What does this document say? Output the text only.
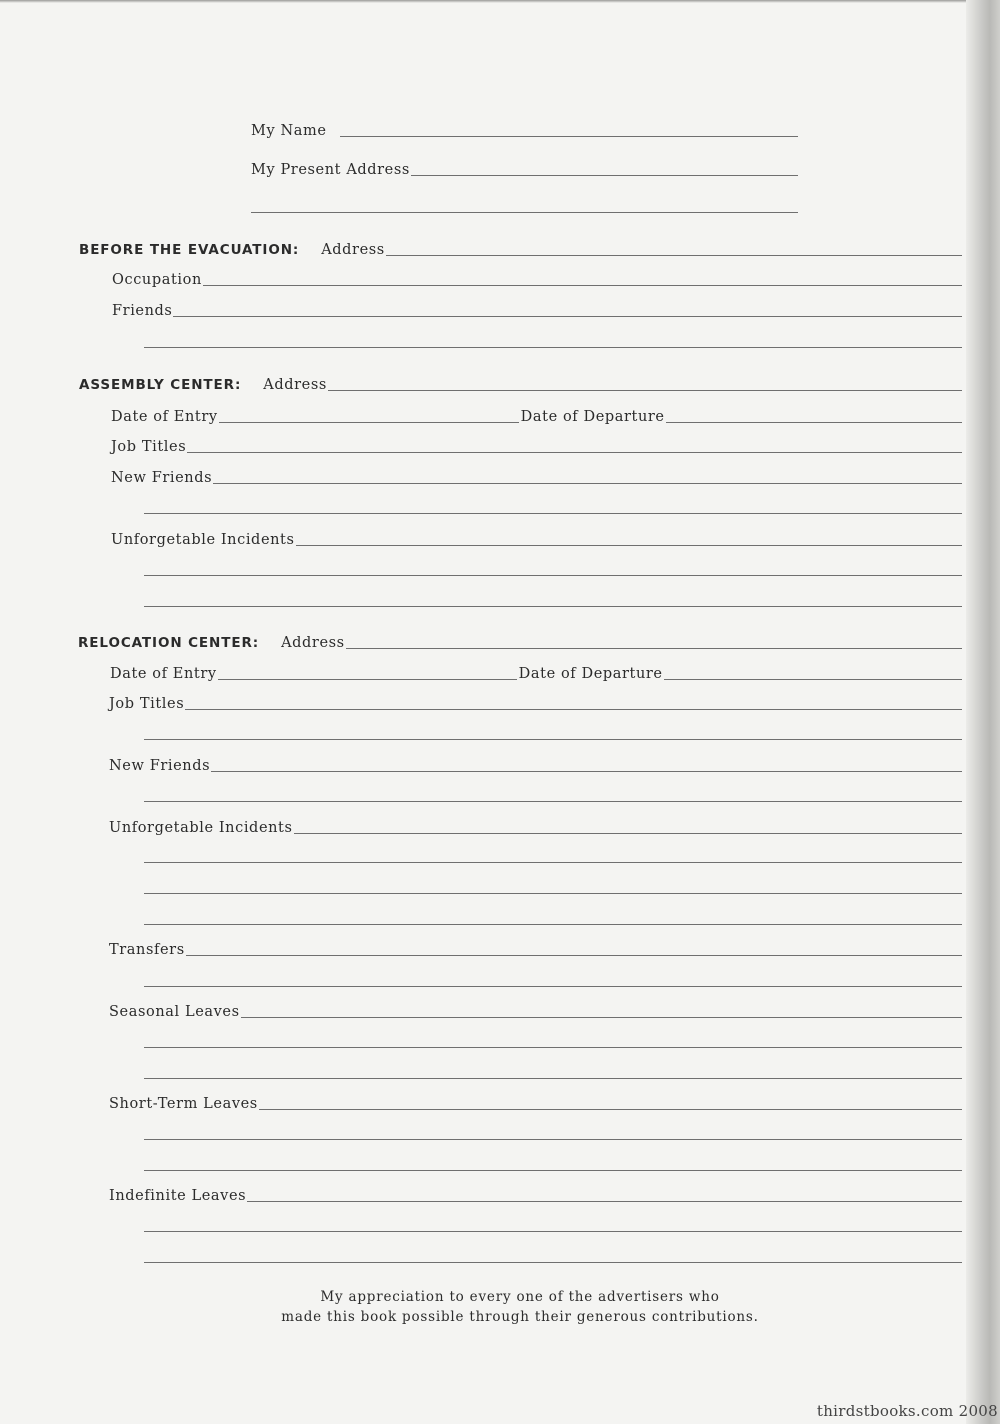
My Name
My Present Address
BEFORE THE EVACUATION: Address
Occupation
Friends
ASSEMBLY CENTER: Address
Date of Entry	Date of Departure
Job Titles
New Friends
Unforgetable Incidents
RELOCATION CENTER: Address
Date of Entry	Date of Departure
Job Titles
New Friends
Unforgetable Incidents
Transfers
Seasonal Leaves
Short-Term Leaves
Indefinite Leaves
My appreciation to every one of the advertisers who
made this book possible through their generous contributions.
thirdstbooks.com 2008
